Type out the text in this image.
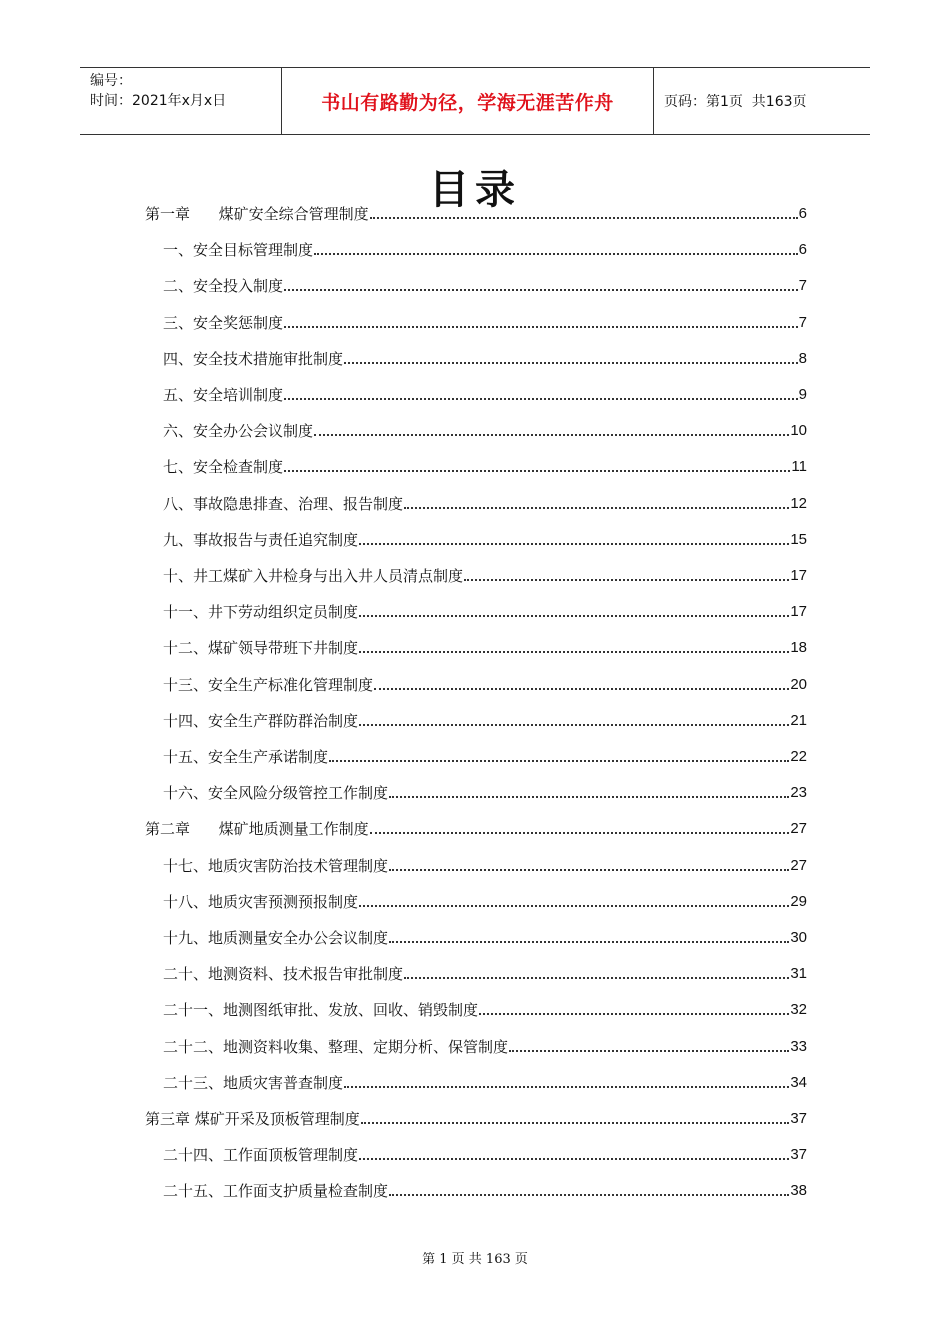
编号：
时间：2021年x月x日	书山有路勤为径，学海无涯苦作舟	页码：第1页  共163页
目录
第一章      煤矿安全综合管理制度	6
一、安全目标管理制度	6
二、安全投入制度	7
三、安全奖惩制度	7
四、安全技术措施审批制度	8
五、安全培训制度	9
六、安全办公会议制度	10
七、安全检查制度	11
八、事故隐患排查、治理、报告制度	12
九、事故报告与责任追究制度	15
十、井工煤矿入井检身与出入井人员清点制度	17
十一、井下劳动组织定员制度	17
十二、煤矿领导带班下井制度	18
十三、安全生产标准化管理制度	20
十四、安全生产群防群治制度	21
十五、安全生产承诺制度	22
十六、安全风险分级管控工作制度	23
第二章      煤矿地质测量工作制度	27
十七、地质灾害防治技术管理制度	27
十八、地质灾害预测预报制度	29
十九、地质测量安全办公会议制度	30
二十、地测资料、技术报告审批制度	31
二十一、地测图纸审批、发放、回收、销毁制度	32
二十二、地测资料收集、整理、定期分析、保管制度	33
二十三、地质灾害普查制度	34
第三章 煤矿开采及顶板管理制度	37
二十四、工作面顶板管理制度	37
二十五、工作面支护质量检查制度	38
第 1 页 共 163 页
